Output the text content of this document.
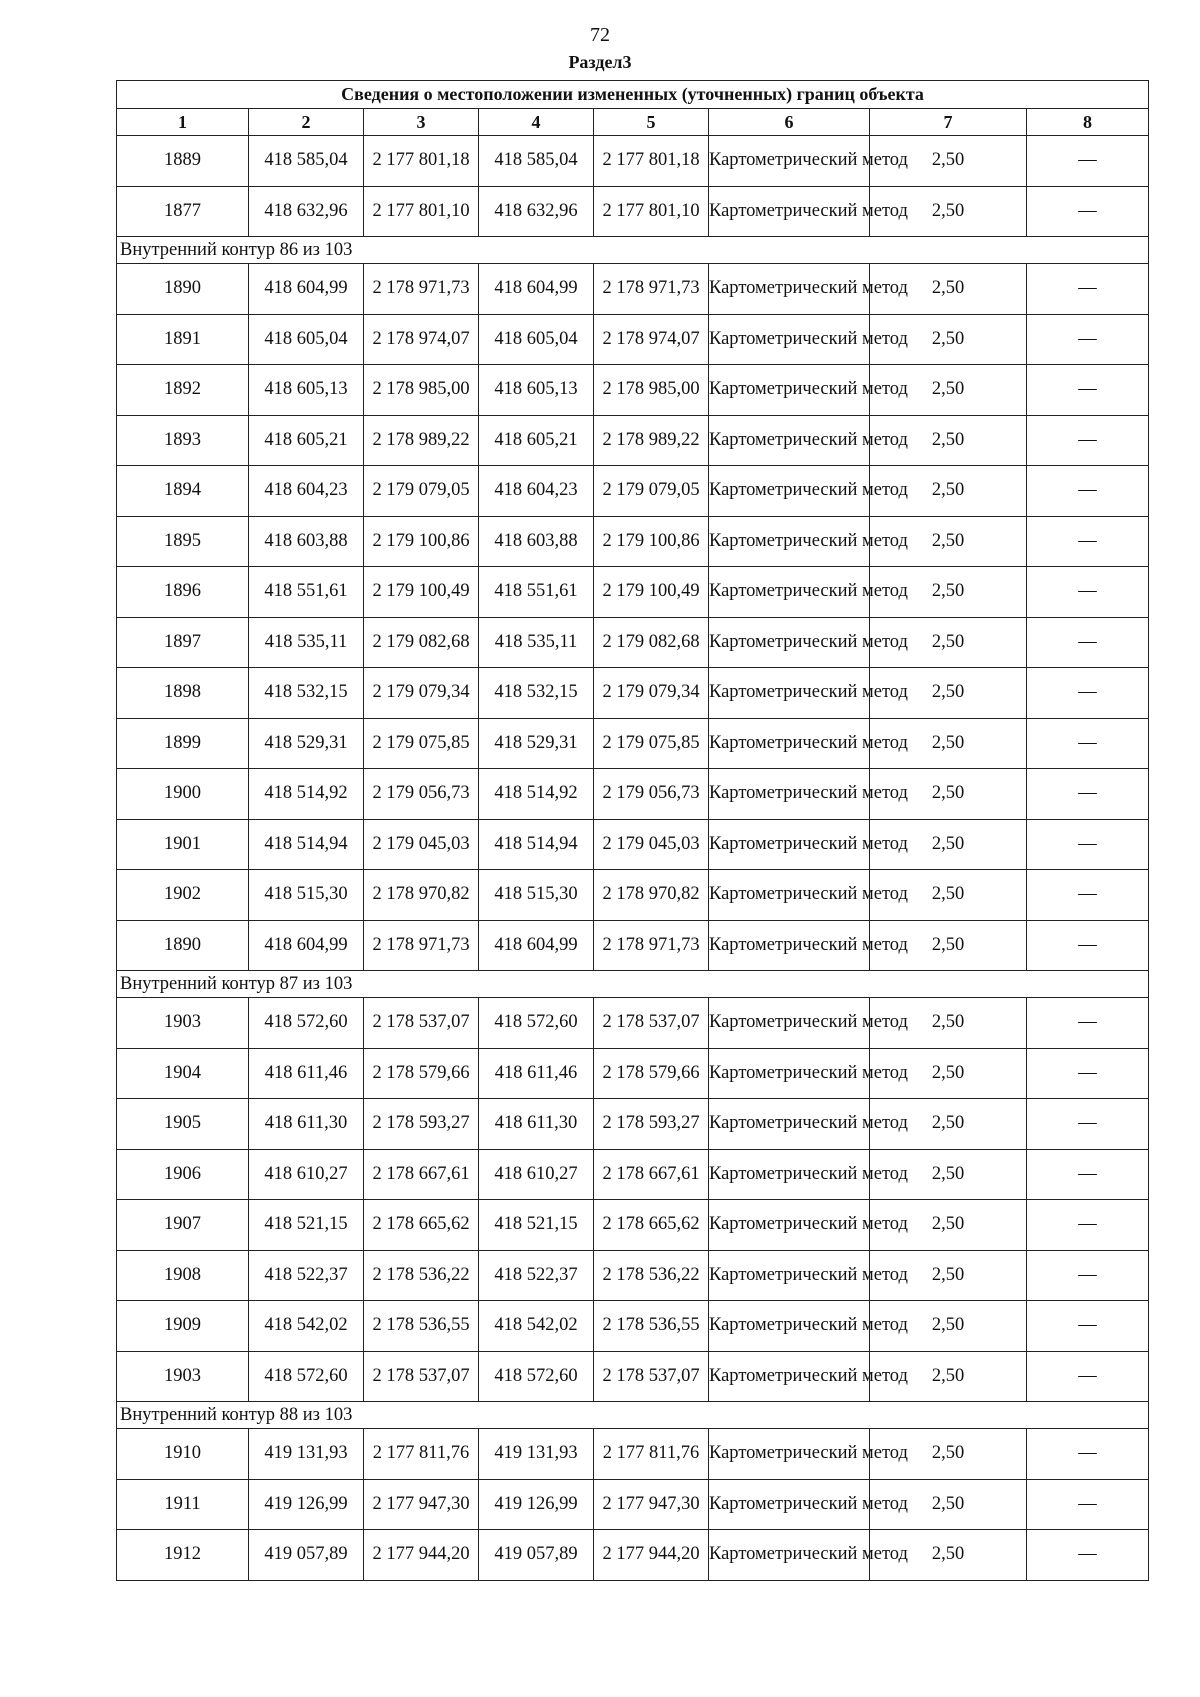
72
Раздел3
Сведения о местоположении измененных (уточненных) границ объекта							
1	2	3	4	5	6	7	8
1889	418 585,04	2 177 801,18	418 585,04	2 177 801,18	Картометрический метод	2,50	—
1877	418 632,96	2 177 801,10	418 632,96	2 177 801,10	Картометрический метод	2,50	—
Внутренний контур 86 из 103							
1890	418 604,99	2 178 971,73	418 604,99	2 178 971,73	Картометрический метод	2,50	—
1891	418 605,04	2 178 974,07	418 605,04	2 178 974,07	Картометрический метод	2,50	—
1892	418 605,13	2 178 985,00	418 605,13	2 178 985,00	Картометрический метод	2,50	—
1893	418 605,21	2 178 989,22	418 605,21	2 178 989,22	Картометрический метод	2,50	—
1894	418 604,23	2 179 079,05	418 604,23	2 179 079,05	Картометрический метод	2,50	—
1895	418 603,88	2 179 100,86	418 603,88	2 179 100,86	Картометрический метод	2,50	—
1896	418 551,61	2 179 100,49	418 551,61	2 179 100,49	Картометрический метод	2,50	—
1897	418 535,11	2 179 082,68	418 535,11	2 179 082,68	Картометрический метод	2,50	—
1898	418 532,15	2 179 079,34	418 532,15	2 179 079,34	Картометрический метод	2,50	—
1899	418 529,31	2 179 075,85	418 529,31	2 179 075,85	Картометрический метод	2,50	—
1900	418 514,92	2 179 056,73	418 514,92	2 179 056,73	Картометрический метод	2,50	—
1901	418 514,94	2 179 045,03	418 514,94	2 179 045,03	Картометрический метод	2,50	—
1902	418 515,30	2 178 970,82	418 515,30	2 178 970,82	Картометрический метод	2,50	—
1890	418 604,99	2 178 971,73	418 604,99	2 178 971,73	Картометрический метод	2,50	—
Внутренний контур 87 из 103							
1903	418 572,60	2 178 537,07	418 572,60	2 178 537,07	Картометрический метод	2,50	—
1904	418 611,46	2 178 579,66	418 611,46	2 178 579,66	Картометрический метод	2,50	—
1905	418 611,30	2 178 593,27	418 611,30	2 178 593,27	Картометрический метод	2,50	—
1906	418 610,27	2 178 667,61	418 610,27	2 178 667,61	Картометрический метод	2,50	—
1907	418 521,15	2 178 665,62	418 521,15	2 178 665,62	Картометрический метод	2,50	—
1908	418 522,37	2 178 536,22	418 522,37	2 178 536,22	Картометрический метод	2,50	—
1909	418 542,02	2 178 536,55	418 542,02	2 178 536,55	Картометрический метод	2,50	—
1903	418 572,60	2 178 537,07	418 572,60	2 178 537,07	Картометрический метод	2,50	—
Внутренний контур 88 из 103							
1910	419 131,93	2 177 811,76	419 131,93	2 177 811,76	Картометрический метод	2,50	—
1911	419 126,99	2 177 947,30	419 126,99	2 177 947,30	Картометрический метод	2,50	—
1912	419 057,89	2 177 944,20	419 057,89	2 177 944,20	Картометрический метод	2,50	—
